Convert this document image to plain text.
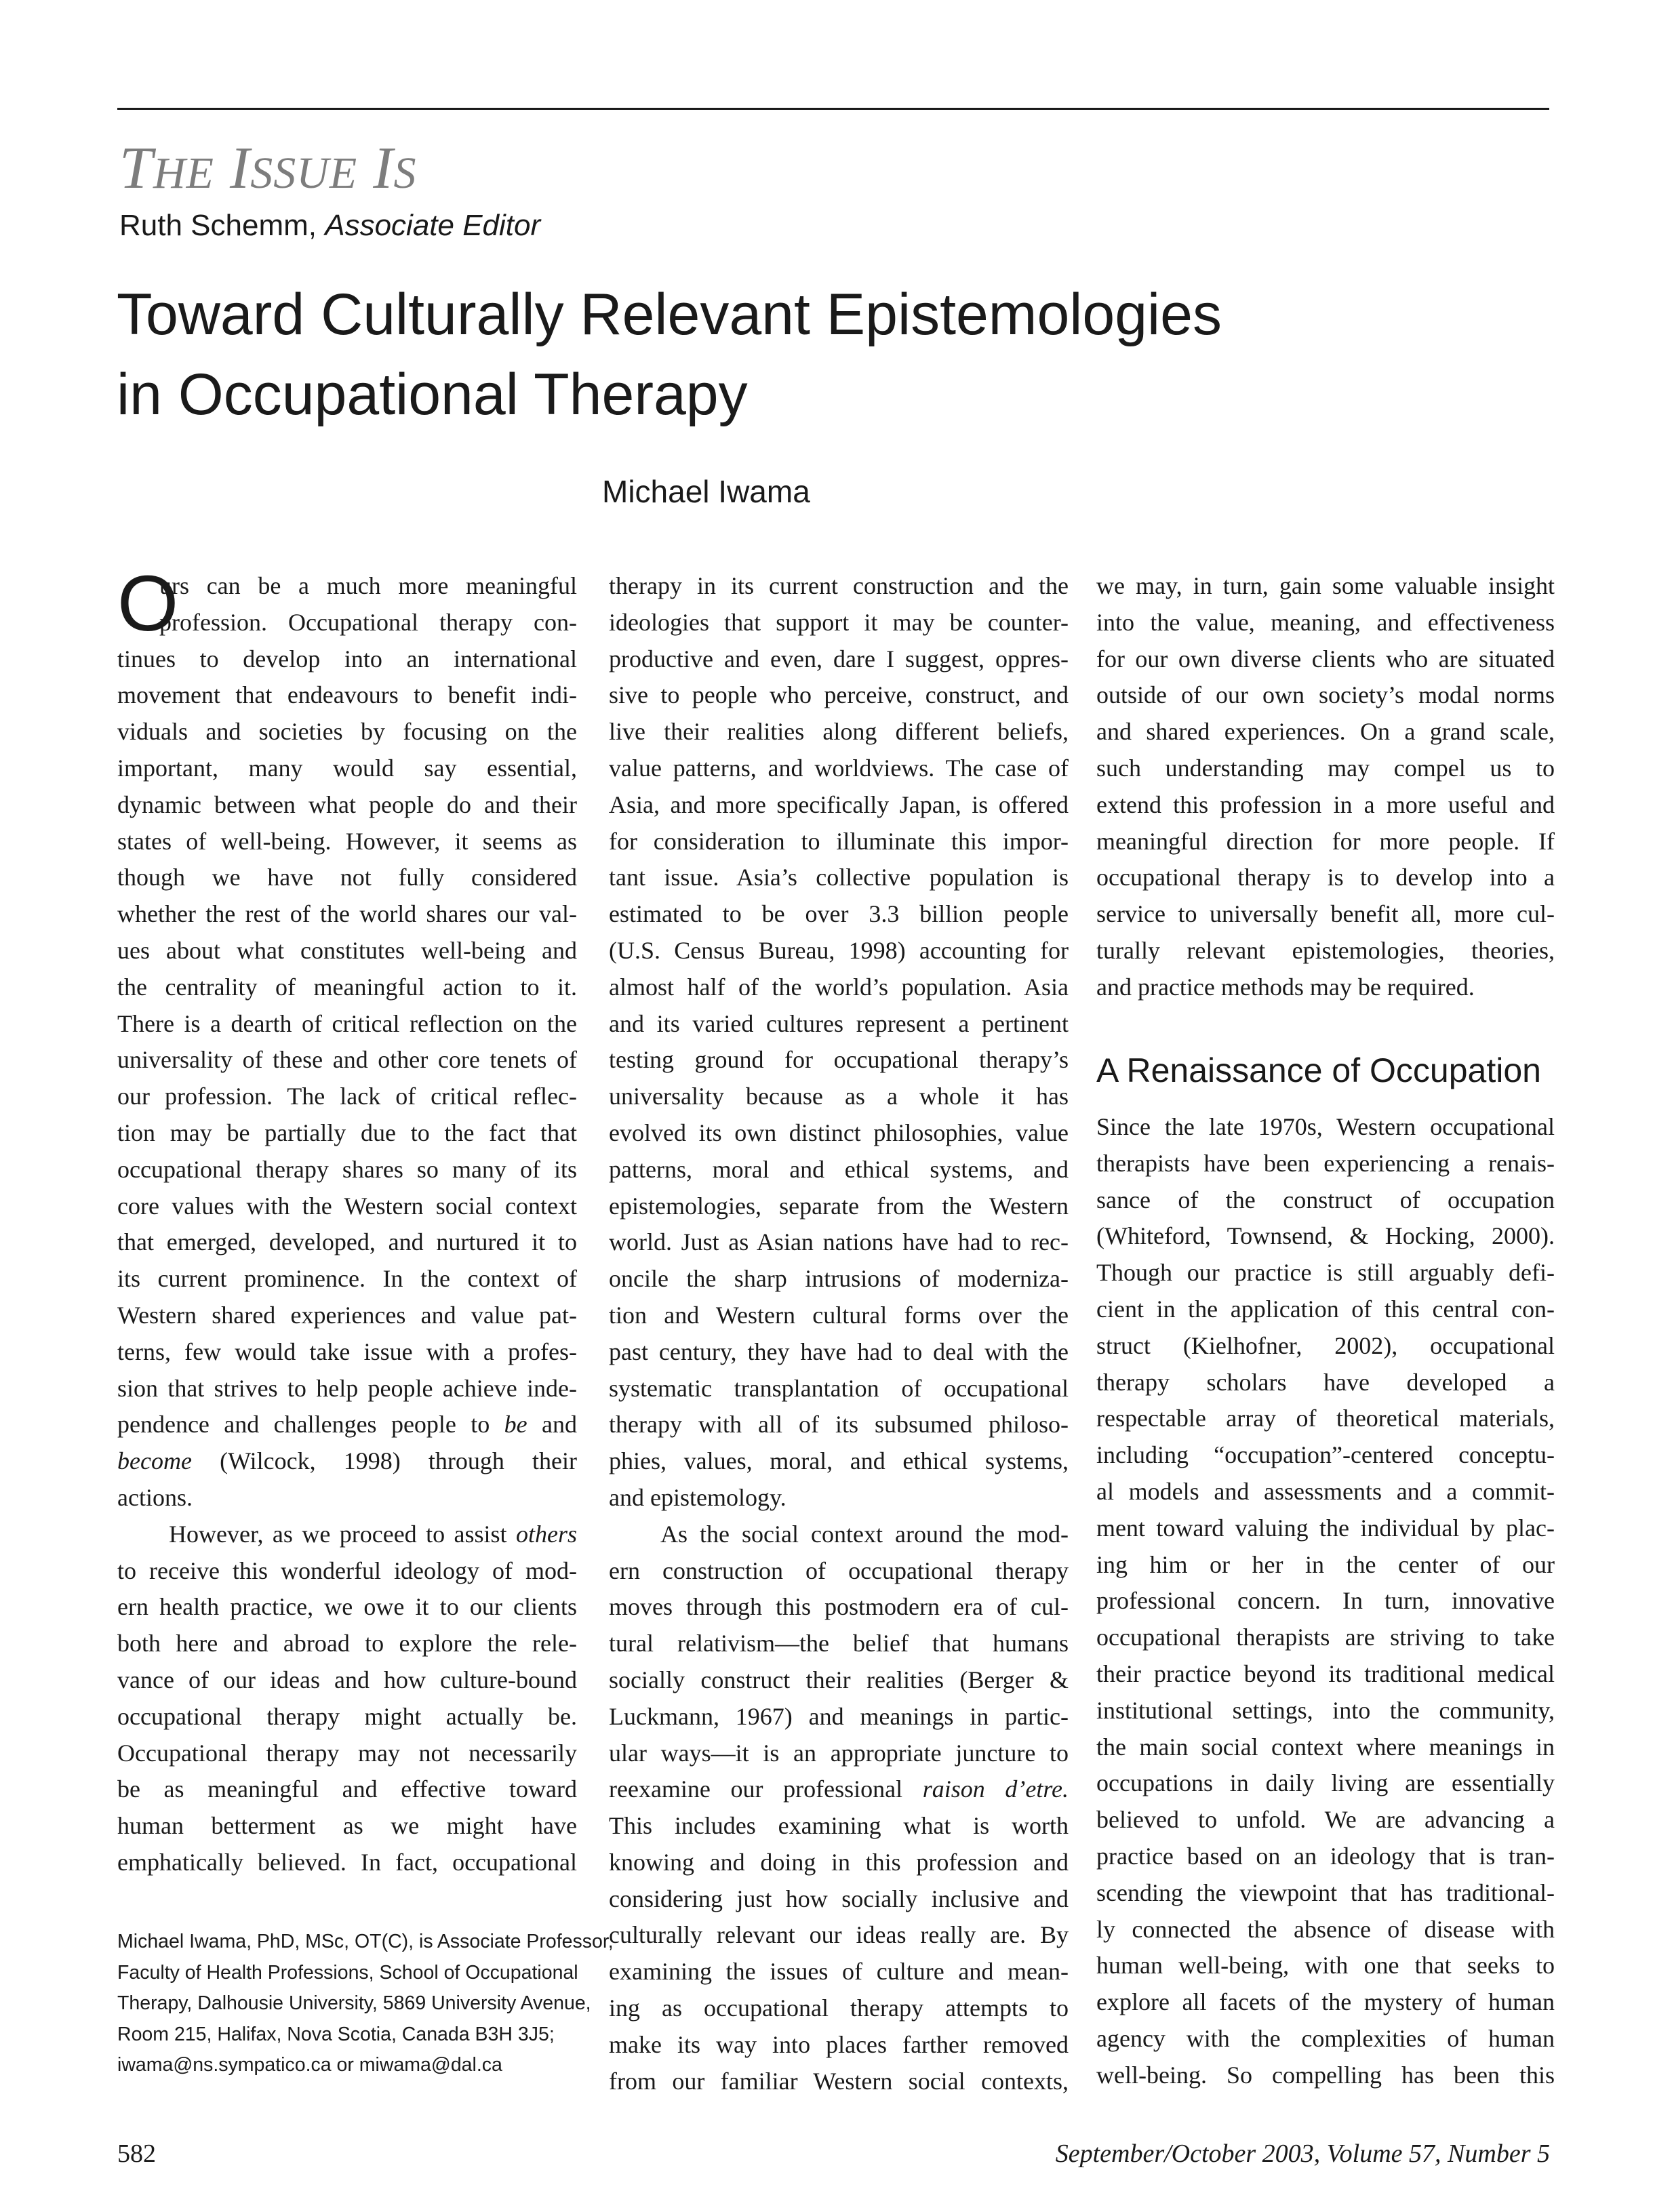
THE ISSUE IS
Ruth Schemm, Associate Editor
Toward Culturally Relevant Epistemologies
in Occupational Therapy
Michael Iwama
O
urs can be a much more meaningful
profession. Occupational therapy con-
tinues to develop into an international
movement that endeavours to benefit indi-
viduals and societies by focusing on the
important, many would say essential,
dynamic between what people do and their
states of well-being. However, it seems as
though we have not fully considered
whether the rest of the world shares our val-
ues about what constitutes well-being and
the centrality of meaningful action to it.
There is a dearth of critical reflection on the
universality of these and other core tenets of
our profession. The lack of critical reflec-
tion may be partially due to the fact that
occupational therapy shares so many of its
core values with the Western social context
that emerged, developed, and nurtured it to
its current prominence. In the context of
Western shared experiences and value pat-
terns, few would take issue with a profes-
sion that strives to help people achieve inde-
pendence and challenges people to be and
become (Wilcock, 1998) through their
actions.
However, as we proceed to assist others
to receive this wonderful ideology of mod-
ern health practice, we owe it to our clients
both here and abroad to explore the rele-
vance of our ideas and how culture-bound
occupational therapy might actually be.
Occupational therapy may not necessarily
be as meaningful and effective toward
human betterment as we might have
emphatically believed. In fact, occupational
therapy in its current construction and the
ideologies that support it may be counter-
productive and even, dare I suggest, oppres-
sive to people who perceive, construct, and
live their realities along different beliefs,
value patterns, and worldviews. The case of
Asia, and more specifically Japan, is offered
for consideration to illuminate this impor-
tant issue. Asia’s collective population is
estimated to be over 3.3 billion people
(U.S. Census Bureau, 1998) accounting for
almost half of the world’s population. Asia
and its varied cultures represent a pertinent
testing ground for occupational therapy’s
universality because as a whole it has
evolved its own distinct philosophies, value
patterns, moral and ethical systems, and
epistemologies, separate from the Western
world. Just as Asian nations have had to rec-
oncile the sharp intrusions of moderniza-
tion and Western cultural forms over the
past century, they have had to deal with the
systematic transplantation of occupational
therapy with all of its subsumed philoso-
phies, values, moral, and ethical systems,
and epistemology.
As the social context around the mod-
ern construction of occupational therapy
moves through this postmodern era of cul-
tural relativism—the belief that humans
socially construct their realities (Berger &
Luckmann, 1967) and meanings in partic-
ular ways—it is an appropriate juncture to
reexamine our professional raison d’etre.
This includes examining what is worth
knowing and doing in this profession and
considering just how socially inclusive and
culturally relevant our ideas really are. By
examining the issues of culture and mean-
ing as occupational therapy attempts to
make its way into places farther removed
from our familiar Western social contexts,
we may, in turn, gain some valuable insight
into the value, meaning, and effectiveness
for our own diverse clients who are situated
outside of our own society’s modal norms
and shared experiences. On a grand scale,
such understanding may compel us to
extend this profession in a more useful and
meaningful direction for more people. If
occupational therapy is to develop into a
service to universally benefit all, more cul-
turally relevant epistemologies, theories,
and practice methods may be required.
A Renaissance of Occupation
Since the late 1970s, Western occupational
therapists have been experiencing a renais-
sance of the construct of occupation
(Whiteford, Townsend, & Hocking, 2000).
Though our practice is still arguably defi-
cient in the application of this central con-
struct (Kielhofner, 2002), occupational
therapy scholars have developed a
respectable array of theoretical materials,
including “occupation”-centered conceptu-
al models and assessments and a commit-
ment toward valuing the individual by plac-
ing him or her in the center of our
professional concern. In turn, innovative
occupational therapists are striving to take
their practice beyond its traditional medical
institutional settings, into the community,
the main social context where meanings in
occupations in daily living are essentially
believed to unfold. We are advancing a
practice based on an ideology that is tran-
scending the viewpoint that has traditional-
ly connected the absence of disease with
human well-being, with one that seeks to
explore all facets of the mystery of human
agency with the complexities of human
well-being. So compelling has been this
Michael Iwama, PhD, MSc, OT(C), is Associate Professor,
Faculty of Health Professions, School of Occupational
Therapy, Dalhousie University, 5869 University Avenue,
Room 215, Halifax, Nova Scotia, Canada B3H 3J5;
iwama@ns.sympatico.ca or miwama@dal.ca
582	September/October 2003, Volume 57, Number 5
